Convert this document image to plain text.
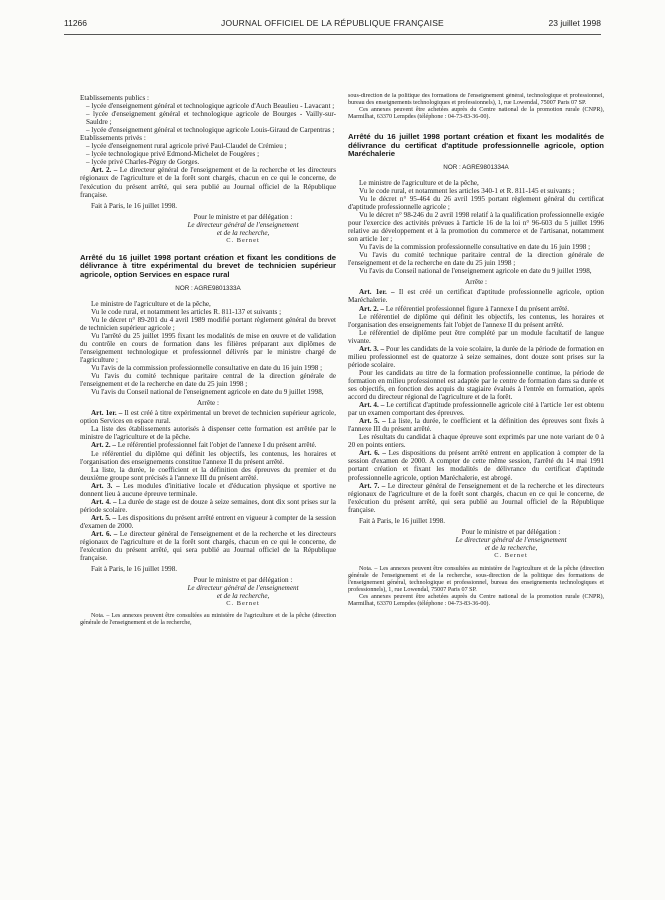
11266	JOURNAL OFFICIEL DE LA RÉPUBLIQUE FRANÇAISE	23 juillet 1998

Etablissements publics :

– lycée d'enseignement général et technologique agricole d'Auch Beaulieu - Lavacant ;

– lycée d'enseignement général et technologique agricole de Bourges - Vailly-sur-Sauldre ;

– lycée d'enseignement général et technologique agricole Louis-Giraud de Carpentras ;

Etablissements privés :

– lycée d'enseignement rural agricole privé Paul-Claudel de Crémieu ;

– lycée technologique privé Edmond-Michelet de Fougères ;

– lycée privé Charles-Péguy de Gorges.

Art. 2. – Le directeur général de l'enseignement et de la recherche et les directeurs régionaux de l'agriculture et de la forêt sont chargés, chacun en ce qui le concerne, de l'exécution du présent arrêté, qui sera publié au Journal officiel de la République française.

Fait à Paris, le 16 juillet 1998.

Pour le ministre et par délégation :
Le directeur général de l'enseignement
et de la recherche,
C. Bernet
Arrêté du 16 juillet 1998 portant création et fixant les conditions de délivrance à titre expérimental du brevet de technicien supérieur agricole, option Services en espace rural

NOR : AGRE9801333A

Le ministre de l'agriculture et de la pêche,

Vu le code rural, et notamment les articles R. 811-137 et suivants ;

Vu le décret n° 89-201 du 4 avril 1989 modifié portant règlement général du brevet de technicien supérieur agricole ;

Vu l'arrêté du 25 juillet 1995 fixant les modalités de mise en œuvre et de validation du contrôle en cours de formation dans les filières préparant aux diplômes de l'enseignement technologique et professionnel délivrés par le ministre chargé de l'agriculture ;

Vu l'avis de la commission professionnelle consultative en date du 16 juin 1998 ;

Vu l'avis du comité technique paritaire central de la direction générale de l'enseignement et de la recherche en date du 25 juin 1998 ;

Vu l'avis du Conseil national de l'enseignement agricole en date du 9 juillet 1998,

Arrête :

Art. 1er. – Il est créé à titre expérimental un brevet de technicien supérieur agricole, option Services en espace rural.

La liste des établissements autorisés à dispenser cette formation est arrêtée par le ministre de l'agriculture et de la pêche.

Art. 2. – Le référentiel professionnel fait l'objet de l'annexe I du présent arrêté.

Le référentiel du diplôme qui définit les objectifs, les contenus, les horaires et l'organisation des enseignements constitue l'annexe II du présent arrêté.

La liste, la durée, le coefficient et la définition des épreuves du premier et du deuxième groupe sont précisés à l'annexe III du présent arrêté.

Art. 3. – Les modules d'initiative locale et d'éducation physique et sportive ne donnent lieu à aucune épreuve terminale.

Art. 4. – La durée de stage est de douze à seize semaines, dont dix sont prises sur la période scolaire.

Art. 5. – Les dispositions du présent arrêté entrent en vigueur à compter de la session d'examen de 2000.

Art. 6. – Le directeur général de l'enseignement et de la recherche et les directeurs régionaux de l'agriculture et de la forêt sont chargés, chacun en ce qui le concerne, de l'exécution du présent arrêté, qui sera publié au Journal officiel de la République française.

Fait à Paris, le 16 juillet 1998.

Pour le ministre et par délégation :
Le directeur général de l'enseignement
et de la recherche,
C. Bernet

Nota. – Les annexes peuvent être consultées au ministère de l'agriculture et de la pêche (direction générale de l'enseignement et de la recherche,

sous-direction de la politique des formations de l'enseignement général, technologique et professionnel, bureau des enseignements technologiques et professionnels), 1, rue Lowendal, 75007 Paris 07 SP.

Ces annexes peuvent être achetées auprès du Centre national de la promotion rurale (CNPR), Marmilhat, 63370 Lempdes (téléphone : 04-73-83-36-00).

Arrêté du 16 juillet 1998 portant création et fixant les modalités de délivrance du certificat d'aptitude professionnelle agricole, option Maréchalerie

NOR : AGRE9801334A

Le ministre de l'agriculture et de la pêche,

Vu le code rural, et notamment les articles 340-1 et R. 811-145 et suivants ;

Vu le décret n° 95-464 du 26 avril 1995 portant règlement général du certificat d'aptitude professionnelle agricole ;

Vu le décret n° 98-246 du 2 avril 1998 relatif à la qualification professionnelle exigée pour l'exercice des activités prévues à l'article 16 de la loi n° 96-603 du 5 juillet 1996 relative au développement et à la promotion du commerce et de l'artisanat, notamment son article 1er ;

Vu l'avis de la commission professionnelle consultative en date du 16 juin 1998 ;

Vu l'avis du comité technique paritaire central de la direction générale de l'enseignement et de la recherche en date du 25 juin 1998 ;

Vu l'avis du Conseil national de l'enseignement agricole en date du 9 juillet 1998,

Arrête :

Art. 1er. – Il est créé un certificat d'aptitude professionnelle agricole, option Maréchalerie.

Art. 2. – Le référentiel professionnel figure à l'annexe I du présent arrêté.

Le référentiel de diplôme qui définit les objectifs, les contenus, les horaires et l'organisation des enseignements fait l'objet de l'annexe II du présent arrêté.

Le référentiel de diplôme peut être complété par un module facultatif de langue vivante.

Art. 3. – Pour les candidats de la voie scolaire, la durée de la période de formation en milieu professionnel est de quatorze à seize semaines, dont douze sont prises sur la période scolaire.

Pour les candidats au titre de la formation professionnelle continue, la période de formation en milieu professionnel est adaptée par le centre de formation dans sa durée et ses objectifs, en fonction des acquis du stagiaire évalués à l'entrée en formation, après accord du directeur régional de l'agriculture et de la forêt.

Art. 4. – Le certificat d'aptitude professionnelle agricole cité à l'article 1er est obtenu par un examen comportant des épreuves.

Art. 5. – La liste, la durée, le coefficient et la définition des épreuves sont fixés à l'annexe III du présent arrêté.

Les résultats du candidat à chaque épreuve sont exprimés par une note variant de 0 à 20 en points entiers.

Art. 6. – Les dispositions du présent arrêté entrent en application à compter de la session d'examen de 2000. A compter de cette même session, l'arrêté du 14 mai 1991 portant création et fixant les modalités de délivrance du certificat d'aptitude professionnelle agricole, option Maréchalerie, est abrogé.

Art. 7. – Le directeur général de l'enseignement et de la recherche et les directeurs régionaux de l'agriculture et de la forêt sont chargés, chacun en ce qui le concerne, de l'exécution du présent arrêté, qui sera publié au Journal officiel de la République française.

Fait à Paris, le 16 juillet 1998.

Pour le ministre et par délégation :
Le directeur général de l'enseignement
et de la recherche,
C. Bernet

Nota. – Les annexes peuvent être consultées au ministère de l'agriculture et de la pêche (direction générale de l'enseignement et de la recherche, sous-direction de la politique des formations de l'enseignement général, technologique et professionnel, bureau des enseignements technologiques et professionnels), 1, rue Lowendal, 75007 Paris 07 SP.

Ces annexes peuvent être achetées auprès du Centre national de la promotion rurale (CNPR), Marmilhat, 63370 Lempdes (téléphone : 04-73-83-36-00).
